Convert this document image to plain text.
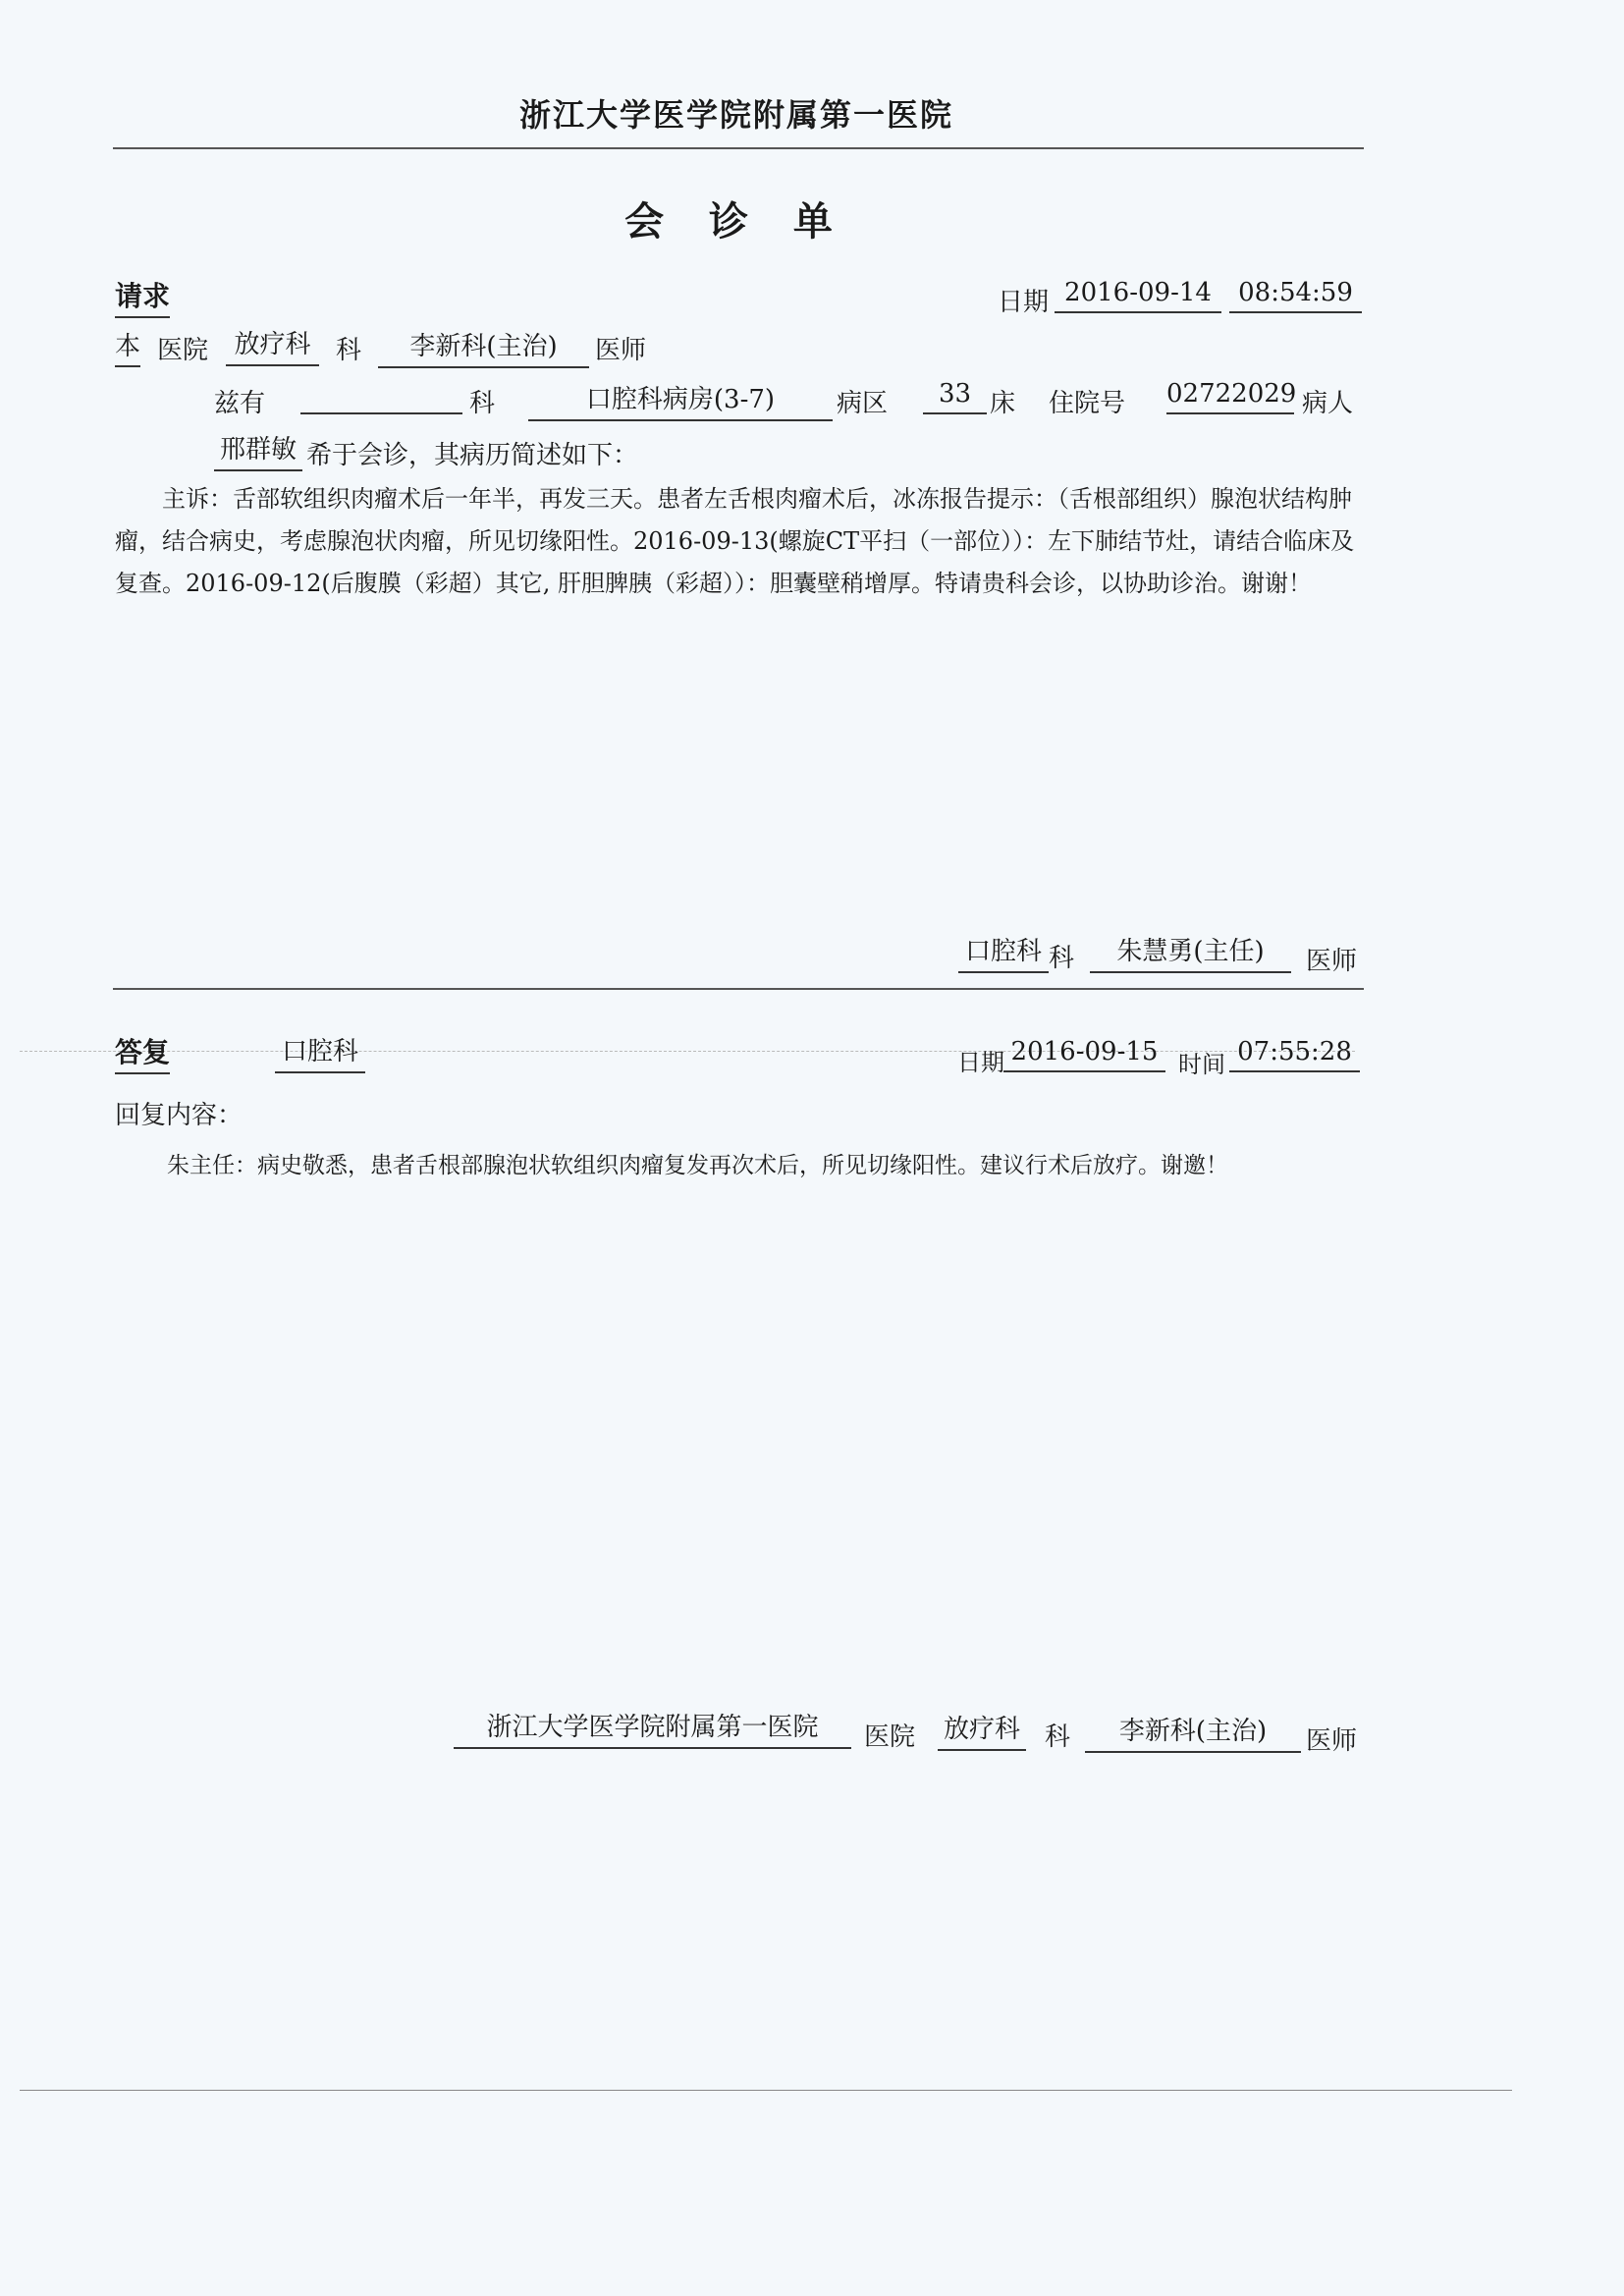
浙江大学医学院附属第一医院
会 诊 单
请求	日期 2016-09-14	08:54:59
本 医院	放疗科 科	李新科(主治)	医师
兹有	科	口腔科病房(3-7)	病区	33 床 住院号 02722029 病人
邢群敏 希于会诊，其病历简述如下：
主诉：舌部软组织肉瘤术后一年半，再发三天。患者左舌根肉瘤术后，冰冻报告提示：（舌根部组织）腺泡状结构肿瘤，结合病史，考虑腺泡状肉瘤，所见切缘阳性。2016-09-13(螺旋CT平扫（一部位））：左下肺结节灶，请结合临床及复查。2016-09-12(后腹膜（彩超）其它, 肝胆脾胰（彩超））：胆囊壁稍增厚。特请贵科会诊，以协助诊治。谢谢！
口腔科 科	朱慧勇(主任)	医师
答复	口腔科	日期 2016-09-15 时间 07:55:28
回复内容：
朱主任：病史敬悉，患者舌根部腺泡状软组织肉瘤复发再次术后，所见切缘阳性。建议行术后放疗。谢邀！
浙江大学医学院附属第一医院	医院 放疗科 科	李新科(主治)	医师
